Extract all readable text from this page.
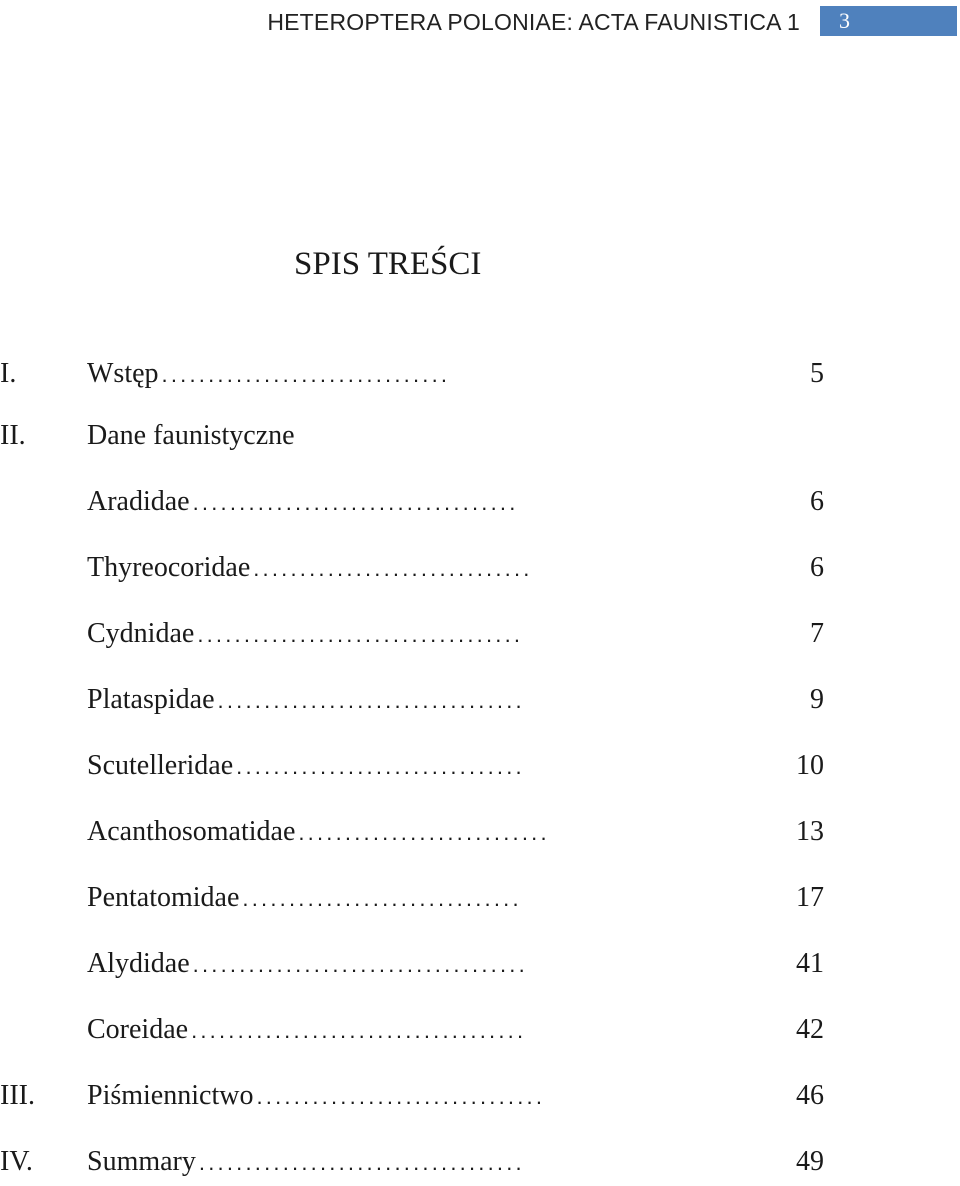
HETEROPTERA POLONIAE: ACTA FAUNISTICA 1 3
SPIS TREŚCI
I.	Wstęp ...............................	5
II. Dane faunistyczne
Aradidae ...................................	6
Thyreocoridae ..............................	6
Cydnidae ...................................	7
Plataspidae .................................	9
Scutelleridae ...............................	10
Acanthosomatidae ...........................	13
Pentatomidae ..............................	17
Alydidae ....................................	41
Coreidae ....................................	42
III. Piśmiennictwo ...............................	46
IV. Summary ...................................	49
